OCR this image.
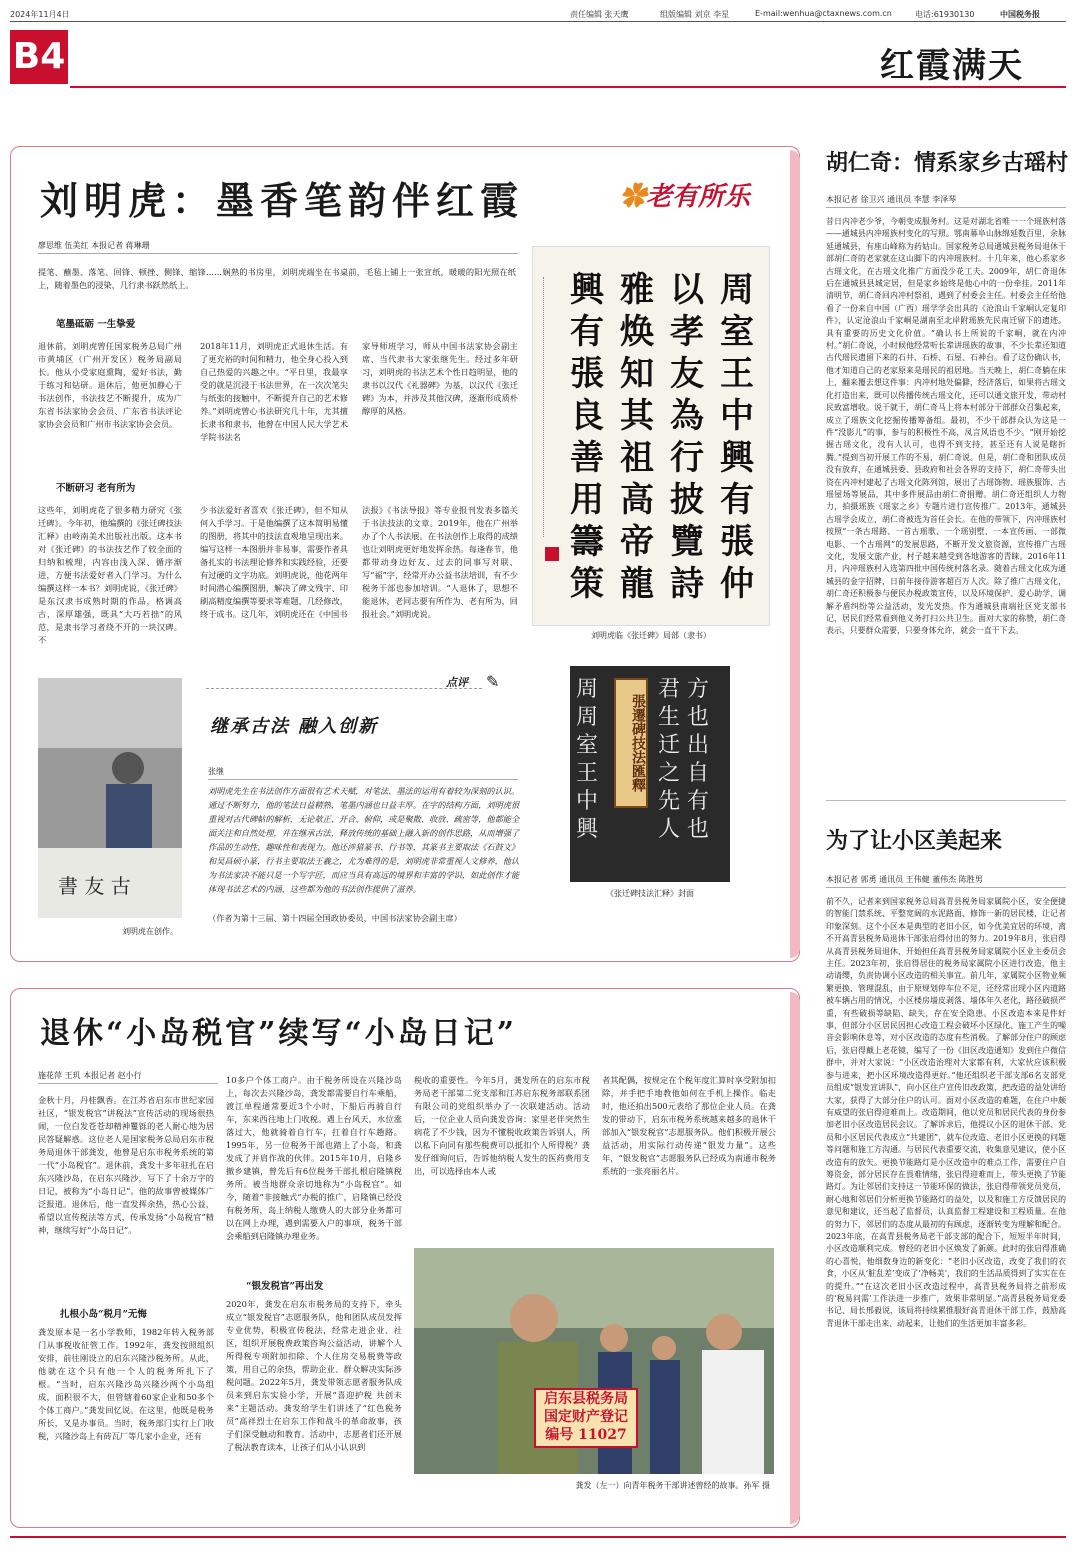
2024年11月4日	责任编辑 张天鹰	组版编辑 刘京 李星	E-mail:wenhua@ctaxnews.com.cn	电话:61930130	中国税务报
B4	红霞满天
刘明虎：墨香笔韵伴红霞	✿老有所乐
廖思维 伍美红 本报记者 蒋琳珊
提笔、蘸墨、落笔、回锋、顿挫、侧锋、缩锋……娴熟的书房里，刘明虎端坐在书桌前，毛毡上铺上一张宣纸，暖暖的阳光照在纸上，随着墨色的浸染，几行隶书跃然纸上。
笔墨砥砺 一生挚爱
退休前，刘明虎曾任国家税务总局广州市黄埔区（广州开发区）税务局副局长。他从小受家庭熏陶，爱好书法，勤于练习和钻研。退休后，他更加静心于书法创作，书法技艺不断提升，成为广东省书法家协会会员、广东省书法评论家协会会员和广州市书法家协会会员。
2018年11月，刘明虎正式退休生活。有了更充裕的时间和精力，他全身心投入到自己热爱的兴趣之中。“平日里，我最享受的就是沉浸于书法世界，在一次次笔尖与纸张的接触中，不断提升自己的艺术修养。”刘明虎曾心书法研究几十年，尤其擅长隶书和隶书，他曾在中国人民大学艺术学院书法名
家导师班学习，师从中国书法家协会副主席、当代隶书大家张继先生。经过多年研习，刘明虎的书法艺术个性日趋明显，他的隶书以汉代《礼器碑》为基，以汉代《张迁碑》为本，并涉及其他汉碑，逐渐形成质朴醇厚的风格。
不断研习 老有所为
这些年，刘明虎花了很多精力研究《张迁碑》。今年初，他编撰的《张迁碑技法汇释》由岭南美术出版社出版。这本书对《张迁碑》的书法技艺作了较全面的归纳和梳理，内容由浅入深、循序渐进，方便书法爱好者入门学习。为什么编撰这样一本书？刘明虎说，《张迁碑》是东汉隶书成熟时期的作品，格调高古，深厚雄强，既具“大巧若拙”的风范，是隶书学习者绕不开的一块汉碑。不
少书法爱好者喜欢《张迁碑》，但不知从何入手学习。于是他编撰了这本简明易懂的图册，将其中的技法直观地呈现出来。编写这样一本图册并非易事，需要作者具备扎实的书法理论修养和实践经验，还要有过硬的文字功底。刘明虎说，他花两年时间潜心编撰图册，解决了碑文残字、印刷高精度编撰等要求等难题，几经修改，终于成书。这几年，刘明虎还在《中国书
法报》《书法导报》等专业报刊发表多篇关于书法技法的文章。2019年，他在广州举办了个人书法展。在书法创作上取得的成绩也让刘明虎更好地发挥余热。每逢春节，他都带动身边好友、过去的同事写对联、写“福”字，经常开办公益书法培训，有不少税务干部也参加培训。“人退休了，思想不能退休，老同志要有所作为、老有所为，回报社会。”刘明虎说。
周室王中興有張仲
以孝友為行披覽詩
雅焕知其祖高帝龍
興有張良善用籌策
刘明虎临《张迁碑》局部（隶书）
書 友 古
刘明虎在创作。
点评 ✎
继承古法 融入创新
张继
刘明虎先生在书法创作方面很有艺术天赋，对笔法、墨法的运用有着较为深刻的认识。通过不断努力，他的笔法日益精熟，笔墨内涵也日益丰厚。在字的结构方面，刘明虎很重视对古代碑帖的解析，无论欹正、开合、俯仰，或是聚散、收放、疏密等，他都能全面关注和自然处理，并在继承古法，释放传统的基础上融入新的创作思路，从而增强了作品的生动性、趣味性和表现力。他还涉猎篆书、行书等，其篆书主要取法《石鼓文》和吴昌硕小篆，行书主要取法王羲之，尤为难得的是，刘明虎非常重视人文修养，他认为书法家决不能只是一个写字匠，而应当具有高远的境界和丰富的学识，如此创作才能体现书法艺术的内涵，这些都为他的书法创作提供了滋养。
（作者为第十三届、第十四届全国政协委员，中国书法家协会副主席）
張遷碑技法匯釋
周
周
室
王
中
興
君 方
生 也
迁 出
之 自
先 有
人 也
《张迁碑技法汇释》封面
退休“小岛税官”续写“小岛日记”
施花萍 王玑 本报记者 赵小行
金秋十月，丹桂飘香。在江苏省启东市世纪家园社区，“银发税官”讲税法”宣传活动的现场很热闹，一位白发苍苍却精神矍铄的老人耐心地为居民答疑解惑。这位老人是国家税务总局启东市税务局退休干部龚发，他曾是启东市税务系统的第一代“小岛税官”。退休前，龚发十多年驻扎在启东兴隆沙岛，在启东兴隆沙，写下了十余万字的日记，被称为“小岛日记”。他的故事曾被媒体广泛报道。退休后，他一直发挥余热，热心公益，希望以宣传税法等方式，传承发扬“小岛税官”精神，继续写好“小岛日记”。
扎根小岛“税月”无悔
龚发原本是一名小学教师，1982年转入税务部门从事税收征管工作。1992年，龚发按照组织安排，前往刚设立的启东兴隆沙税务所。从此，他就在这个只有他一个人的税务所扎下了根。“当时，启东兴隆沙岛兴隆沙两个小岛组成，面积很不大，但管辖着60家企业和50多个个体工商户。”龚发回忆说。在这里，他既是税务所长，又是办事员。当时，税务部门实行上门收税，兴隆沙岛上有砖瓦厂等几家小企业，还有
10多户个体工商户。由于税务所设在兴隆沙岛上，每次去兴隆沙岛，龚发都需要自行车乘船，渡江单程通常要近3个小时，下船后再骑自行车，东来西往地上门收税。遇上台风天，水位涨落过大，他就骑着自行车，扛着自行车趟路。1995年，另一位税务干部也踏上了小岛，和龚发成了并肩作战的伙伴。2015年10月，启隆乡撤乡建镇，曾先后有6位税务干部扎根启隆镇税务所。被当地群众亲切地称为“小岛税官”。如今，随着“非接触式”办税的推广，启隆镇已经没有税务所，岛上纳税人缴费人的大部分业务都可以在网上办理，遇到需要入户的事项，税务干部会乘船到启隆镇办理业务。
“银发税官”再出发
2020年，龚发在启东市税务局的支持下，牵头成立“银发税官”志愿服务队，他和团队成员发挥专业优势，积极宣传税法，经常走进企业、社区，组织开展税费政策咨询公益活动，讲解个人所得税专项附加扣除、个人住房交易税费等政策，用自己的余热，帮助企业、群众解决实际涉税问题。2022年5月，龚发带领志愿者服务队成员来到启东实验小学，开展“喜迎护税 共创未来”主题活动。龚发给学生们讲述了“红色税务员”高祥烈士在启东工作和战斗的革命故事，孩子们深受触动和教育。活动中，志愿者们还开展了税法教育读本，让孩子们从小认识到
税收的重要性。今年5月，龚发所在的启东市税务局老干部第二党支部和江苏启东税务部联系团有限公司的党组织举办了一次联建活动。活动后，一位企业人员向龚发咨询：家里老伴突然生病花了不少钱，因为不懂税收政策告诉别人，所以私下向同有那些税费可以抵扣个人所得税？龚发仔细询问后，告诉他纳税人发生的医药费用支出，可以选择由本人或
者其配偶，按规定在个税年度汇算时享受附加扣除，并手把手地教他如何在手机上操作。临走时，他还拍出500元表给了那位企业人员。在龚发的带动下，启东市税务系统越来越多的退休干部加入“银发税官”志愿服务队。他们积极开展公益活动，用实际行动传递“银发力量”。这些年，“银发税官”志愿服务队已经成为南通市税务系统的一张亮丽名片。
启东县税务局
国定财产登记
编号 11027
龚发（左一）向青年税务干部讲述曾经的故事。孙军 摄
胡仁奇：情系家乡古瑶村
本报记者 徐卫兴 通讯员 李慧 李泽琴
昔日内冲老少爷，今朝变成服务村。这是对湖北省唯一一个瑶族村落——通城县内冲瑶族村变化的写照。鄂南幕阜山脉绵延数百里，余脉延通城县，有座山峰称为药姑山。国家税务总局通城县税务局退休干部胡仁奇的老家就在这山脚下的内冲瑶族村。十几年来，他心系家乡古瑶文化，在古瑶文化推广方面没少花工夫。2009年，胡仁奇退休后在通城县县城定居，但是家乡始终是他心中的一份牵挂。2011年清明节，胡仁奇回内冲村祭祖，遇到了村委会主任。村委会主任给他看了一份来自中国（广西）瑶学学会出具的《沧浪山千家峒认定复印件》，认定沧浪山千家峒是湖南至北岸附瑶族先民南迁留下的遗迹。具有重要的历史文化价值。“确认书上所说的千家峒，就在内冲村。”胡仁奇说，小时候他经常听长辈讲瑶族的故事，不少长辈还知道古代瑶民遗留下来的石井、石桥、石屋、石神台。看了这份确认书，他才知道自己的老家原来是瑶民的祖居地。当天晚上，胡仁奇躺在床上，翻来覆去想这件事：内冲村地处偏僻，经济落后，如果将古瑶文化打造出来，既可以传播传统古瑶文化，还可以通文旅开发，带动村民致富增收。说干就干，胡仁奇马上将本村部分干部群众召集起来，成立了瑶族文化挖掘传播筹备组。最初，不少干部群众认为这是一件“没影儿”的事，参与的积极性不高，凤言风语也不少。“刚开始挖掘古瑶文化，没有人认可，也得不到支持，甚至还有人说是瞎折腾。”提到当初开展工作的不易，胡仁奇说。但是，胡仁奇和团队成员没有放弃，在通城县委、县政府和社会各界的支持下，胡仁奇带头出资在内冲村建起了古瑶文化陈列馆，展出了古瑶饰物、瑶族服饰、古瑶屋场等展品，其中多件展品由胡仁奇捐赠。胡仁奇还组织人力物力，拍摄瑶族《瑶家之乡》专题片进行宣传推广。2013年，通城县古瑶学会成立，胡仁奇被选为首任会长。在他的带领下，内冲瑶族村按照“一条古瑶路、一首古瑶歌、一个瑶别墅、一本宣传画、一部微电影、一个古瑶网”的发展思路，不断开发文旅资源，宣传推广古瑶文化，发展文旅产业，村子越来越受到各地游客的青睐。2016年11月，内冲瑶族村入选第四批中国传统村落名录。随着古瑶文化成为通城县的金字招牌，日前年接待游客超百万人次。除了推广古瑶文化，胡仁奇还积极参与便民办税政策宣传，以及环境保护、爱心助学、调解矛盾纠纷等公益活动，发光发热。作为通城县南端社区党支部书记，居民们经常看到他义务打扫公共卫生。面对大家的称赞，胡仁奇表示，只要群众需要，只要身体允许，就会一直干下去。
为了让小区美起来
本报记者 郭勇 通讯员 王伟健 董伟杰 陈胜男
前不久，记者来到国家税务总局高青县税务局家属院小区，安全便捷的智能门禁系统、平整宽阔的水泥路面、修饰一新的居民楼，让记者印象深刻。这个小区本是典型的老旧小区，如今优美宜居的环境，离不开高青县税务局退休干部张启得付出的努力。2019年8月，张启得从高青县税务局退休，开始担任高青县税务局家属院小区业主委员会主任。2023年初，张启得居住的税务局家属院小区进行改造，他主动请缨，负责协调小区改造的相关事宜。前几年，家属院小区物业频繁更换、管理混乱，由于原规划停车位不足，还经常出现小区内道路被车辆占用的情况，小区楼房墙皮剥落、墙体年久老化，路径破损严重，有些破损等缺陷、缺失，存在安全隐患。小区改造本来是件好事，但部分小区居民因担心改造工程会破坏小区绿化、施工产生的噪音会影响休息等，对小区改造的态度有些消极。了解部分住户的顾虑后，张启得戴上老花镜，编写了一份《旧区改造通知》发到住户微信群中，并对大家说：“小区改造治理对大家都有利，大家伙应该积极参与进来，把小区环境改造得更好。”他还组织老干部支部6名支部党员组成“银发宣讲队”，向小区住户宣传旧改政策，把改造的益处讲给大家，获得了大部分住户的认可。面对小区改造的难题，在住户中颇有威望的张启得迎难而上。改造期间，他以党员和居民代表的身份参加老旧小区改造居民会议。了解诉求后，他提议小区的退休干部、党员和小区居民代表成立“共建团”，就车位改造、老旧小区更换的问题等问题和施工方沟通。与居民代表重要交流，收集意见建议，使小区改造有的放矢。更换节能路灯是小区改造中的难点工作，需要住户自筹资金，部分居民存在畏难情绪，张启得迎难而上，带头更换了节能路灯。为让邻居们支持这一节能环保的做法，张启得带领党员党员，耐心地和邻居们分析更换节能路灯的益处，以及和施工方反馈居民的意见和建议，还当起了监督员，认真监督工程建设和工程质量。在他的努力下，邻居们的态度从最初的有顾虑，逐渐转变为理解和配合。2023年底，在高青县税务局老干部支部的配合下，短短半年时间，小区改造顺利完成。曾经的老旧小区焕发了新颜。此时的张启得准确的心喜悦，他细数身边的新变化：“老旧小区改造，改变了我们的衣食，小区从‘脏乱差’变成了‘净畅美’，我们的生活品质得到了实实在在的提升。”“在这次老旧小区改造过程中，高青县税务局将之前形成的‘税易问需’工作法进一步推广，效果非常明显。”高青县税务局党委书记、局长邢毅说，该局将持续累推服好高青退休干部工作，鼓励高青退休干部走出来、动起来，让他们的生活更加丰富多彩。
